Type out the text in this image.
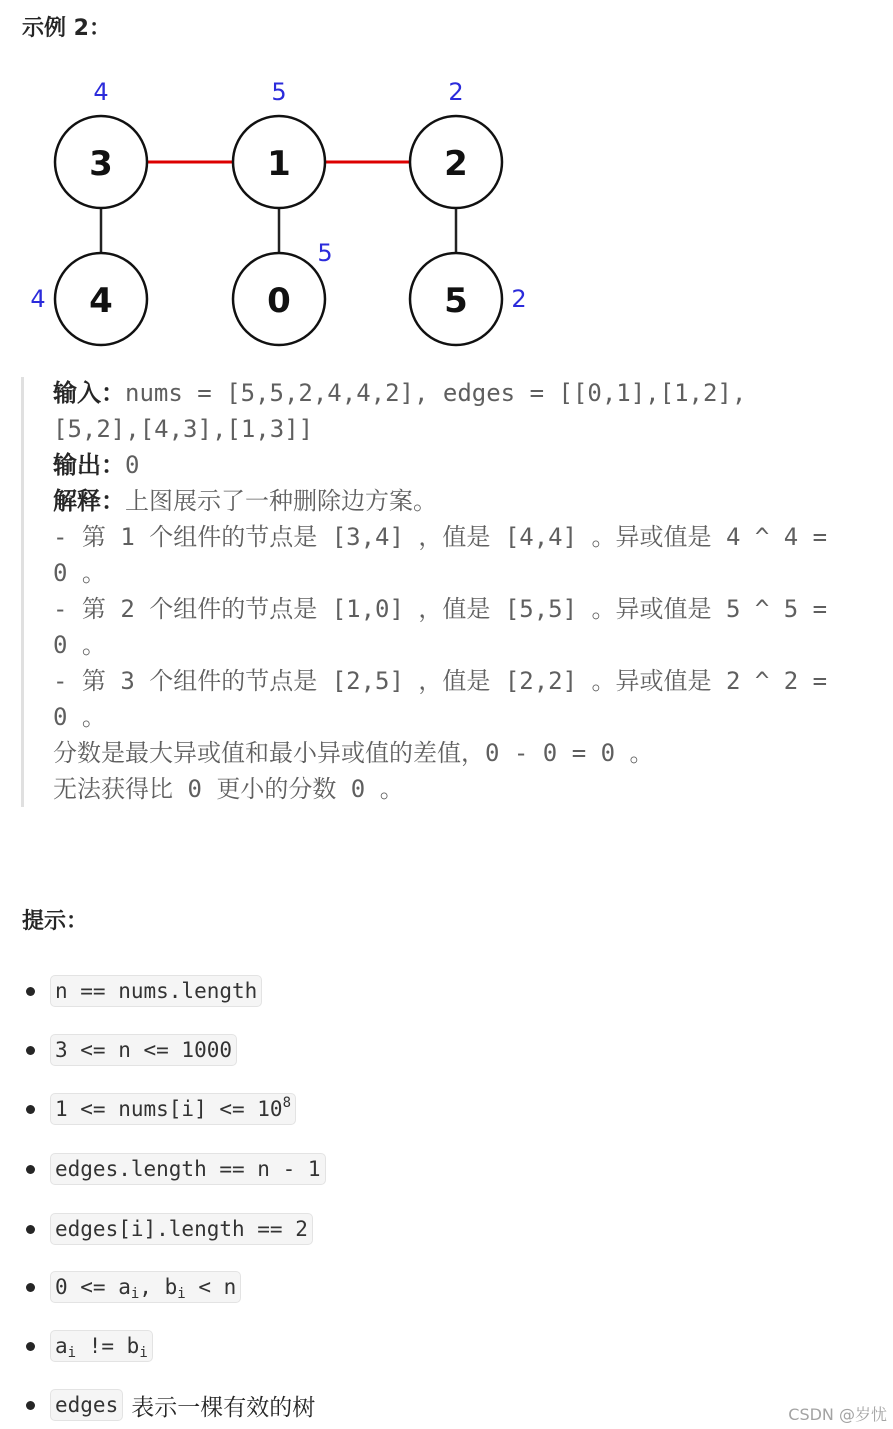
示例 2：
3
4
1
5
2
2
4
4	0
5
5 2
输入：nums = [5,5,2,4,4,2], edges = [[0,1],[1,2],
[5,2],[4,3],[1,3]]
输出：0
解释：上图展示了一种删除边方案。
- 第 1 个组件的节点是 [3,4] ，值是 [4,4] 。异或值是 4 ^ 4 =
0 。
- 第 2 个组件的节点是 [1,0] ，值是 [5,5] 。异或值是 5 ^ 5 =
0 。
- 第 3 个组件的节点是 [2,5] ，值是 [2,2] 。异或值是 2 ^ 2 =
0 。
分数是最大异或值和最小异或值的差值，0 - 0 = 0 。
无法获得比 0 更小的分数 0 。
提示：
n == nums.length
3 <= n <= 1000
1 <= nums[i] <= $10^8$
edges.length == n - 1
edges[i].length == 2
$0 <= a_i$, $b_i < n$
$a_i$ != $b_i$
edges 表示一棵有效的树	CSDN @岁忧
